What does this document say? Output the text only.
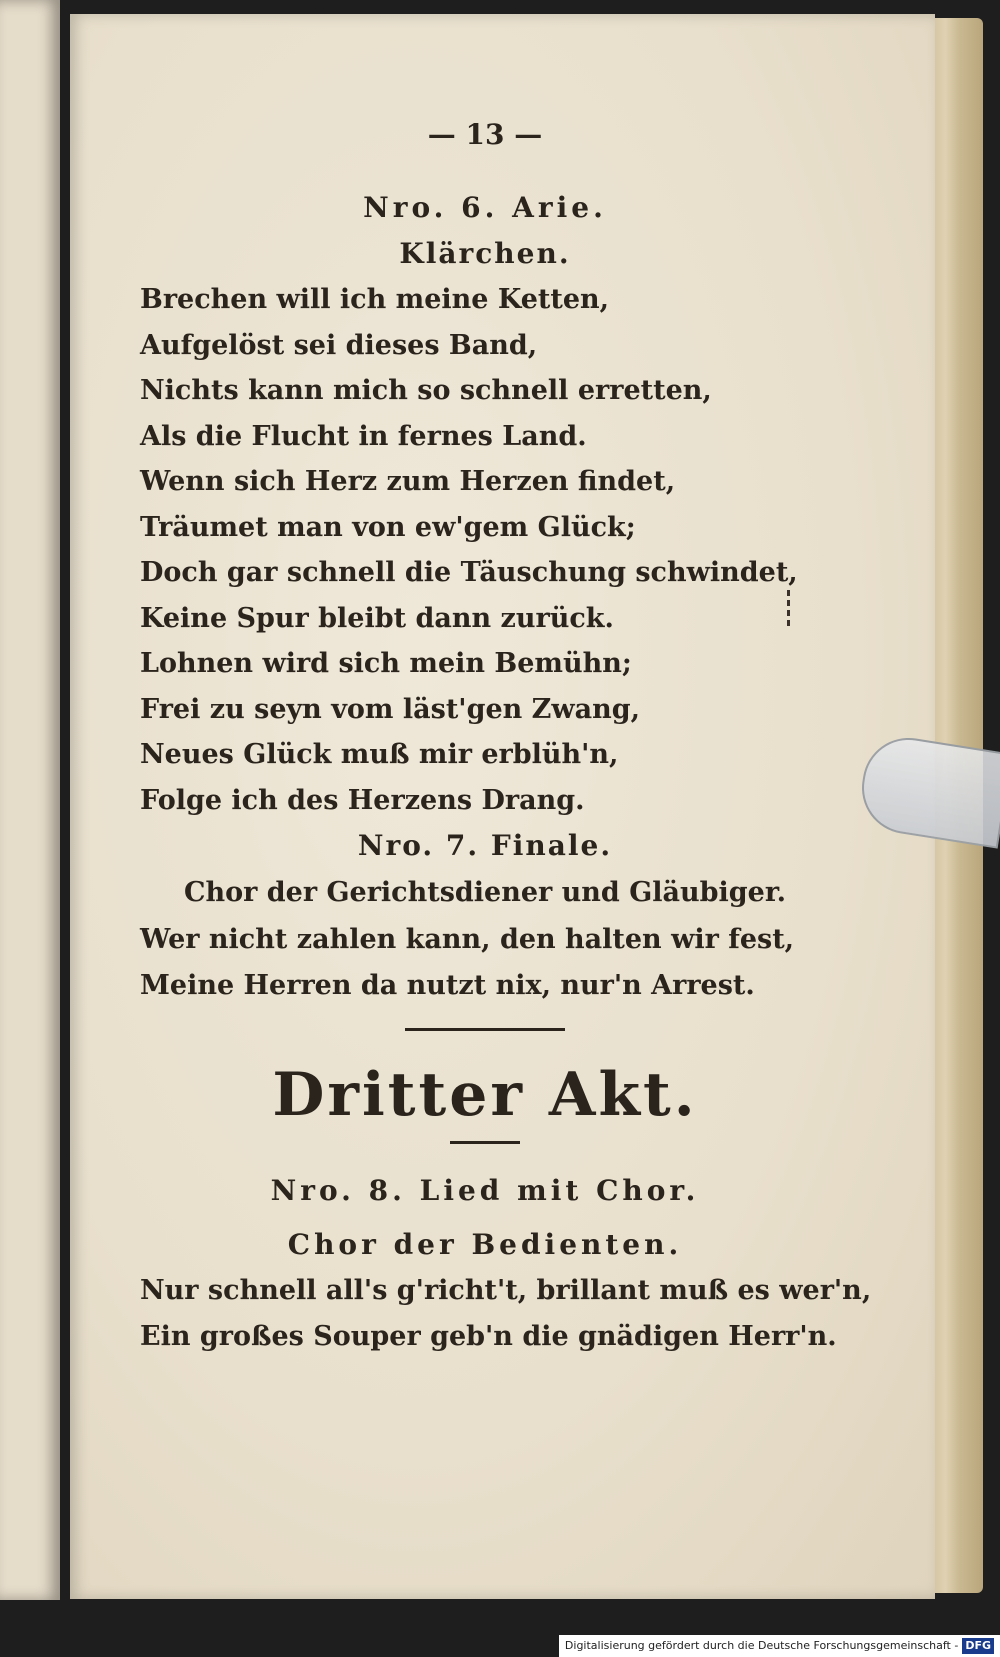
— 13 —
Nro. 6. Arie.
Klärchen.
Brechen will ich meine Ketten,
Aufgelöst sei dieses Band,
Nichts kann mich so schnell erretten,
Als die Flucht in fernes Land.
Wenn sich Herz zum Herzen findet,
Träumet man von ew'gem Glück;
Doch gar schnell die Täuschung schwindet,
Keine Spur bleibt dann zurück.
Lohnen wird sich mein Bemühn;
Frei zu seyn vom läst'gen Zwang,
Neues Glück muß mir erblüh'n,
Folge ich des Herzens Drang.
Nro. 7. Finale.
Chor der Gerichtsdiener und Gläubiger.
Wer nicht zahlen kann, den halten wir fest,
Meine Herren da nutzt nix, nur'n Arrest.
Dritter Akt.
Nro. 8. Lied mit Chor.
Chor der Bedienten.
Nur schnell all's g'richt't, brillant muß es wer'n,
Ein großes Souper geb'n die gnädigen Herr'n.
Digitalisierung gefördert durch die Deutsche Forschungsgemeinschaft - DFG
